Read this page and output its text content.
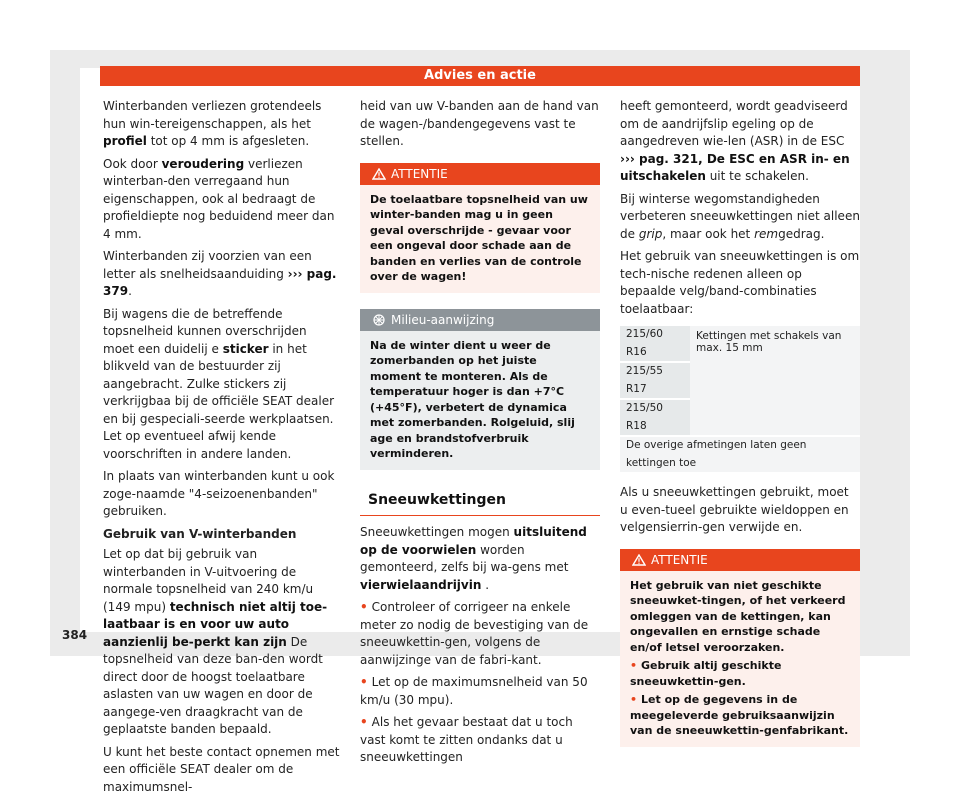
Advies en actie

Winterbanden verliezen grotendeels hun win-tereigenschappen, als het profiel tot op 4 mm is afgesleten.

Ook door veroudering verliezen winterban-den verregaand hun eigenschappen, ook al bedraagt de profieldiepte nog beduidend meer dan 4 mm.

Winterbanden zij voorzien van een letter als snelheidsaanduiding ››› pag. 379.

Bij wagens die de betreffende topsnelheid kunnen overschrijden moet een duidelij e sticker in het blikveld van de bestuurder zij aangebracht. Zulke stickers zij verkrijgbaa bij de officiële SEAT dealer en bij gespeciali-seerde werkplaatsen. Let op eventueel afwij kende voorschriften in andere landen.

In plaats van winterbanden kunt u ook zoge-naamde "4-seizoenenbanden" gebruiken.

Gebruik van V-winterbanden

Let op dat bij gebruik van winterbanden in V-uitvoering de normale topsnelheid van 240 km/u (149 mpu) technisch niet altij toe-laatbaar is en voor uw auto aanzienlij be-perkt kan zijn De topsnelheid van deze ban-den wordt direct door de hoogst toelaatbare aslasten van uw wagen en door de aangege-ven draagkracht van de geplaatste banden bepaald.

U kunt het beste contact opnemen met een officiële SEAT dealer om de maximumsnel-

heid van uw V-banden aan de hand van de wagen-/bandengegevens vast te stellen.

ATTENTIE
De toelaatbare topsnelheid van uw winter-banden mag u in geen geval overschrijde - gevaar voor een ongeval door schade aan de banden en verlies van de controle over de wagen!
Milieu-aanwijzing
Na de winter dient u weer de zomerbanden op het juiste moment te monteren. Als de temperatuur hoger is dan +7°C (+45°F), verbetert de dynamica met zomerbanden. Rolgeluid, slij age en brandstofverbruik verminderen.
Sneeuwkettingen

Sneeuwkettingen mogen uitsluitend op de voorwielen worden gemonteerd, zelfs bij wa-gens met vierwielaandrijvin .

• Controleer of corrigeer na enkele meter zo nodig de bevestiging van de sneeuwkettin-gen, volgens de aanwijzinge van de fabri-kant.

• Let op de maximumsnelheid van 50 km/u (30 mpu).

• Als het gevaar bestaat dat u toch vast komt te zitten ondanks dat u sneeuwkettingen

heeft gemonteerd, wordt geadviseerd om de aandrijfslip egeling op de aangedreven wie-len (ASR) in de ESC ››› pag. 321, De ESC en ASR in- en uitschakelen uit te schakelen.

Bij winterse wegomstandigheden verbeteren sneeuwkettingen niet alleen de grip, maar ook het remgedrag.

Het gebruik van sneeuwkettingen is om tech-nische redenen alleen op bepaalde velg/band-combinaties toelaatbaar:

215/60 R16	Kettingen met schakels van max. 15 mm
215/55 R17
215/50 R18
De overige afmetingen laten geen kettingen toe

Als u sneeuwkettingen gebruikt, moet u even-tueel gebruikte wieldoppen en velgensierrin-gen verwijde en.

ATTENTIE
Het gebruik van niet geschikte sneeuwket-tingen, of het verkeerd omleggen van de kettingen, kan ongevallen en ernstige schade en/of letsel veroorzaken.
• Gebruik altij geschikte sneeuwkettin-gen.
• Let op de gegevens in de meegeleverde gebruiksaanwijzin van de sneeuwkettin-genfabrikant.
384
